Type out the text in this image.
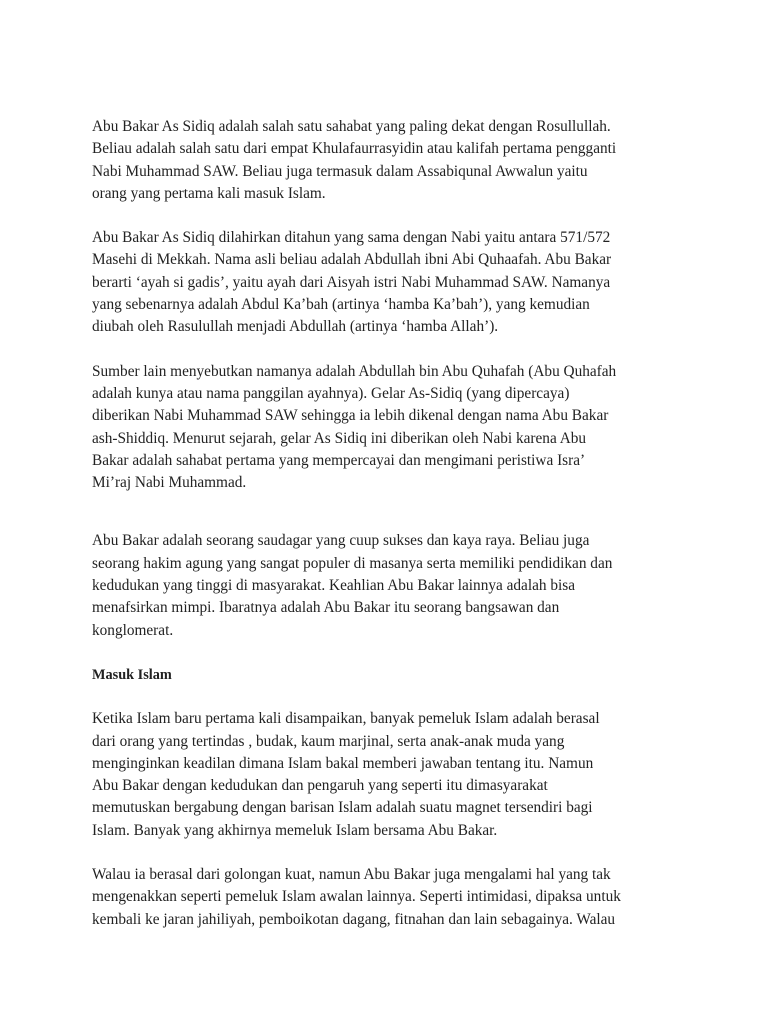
Abu Bakar As Sidiq adalah salah satu sahabat yang paling dekat dengan Rosullullah.
Beliau adalah salah satu dari empat Khulafaurrasyidin atau kalifah pertama pengganti
Nabi Muhammad SAW. Beliau juga termasuk dalam Assabiqunal Awwalun yaitu
orang yang pertama kali masuk Islam.

Abu Bakar As Sidiq dilahirkan ditahun yang sama dengan Nabi yaitu antara 571/572
Masehi di Mekkah. Nama asli beliau adalah Abdullah ibni Abi Quhaafah. Abu Bakar
berarti ‘ayah si gadis’, yaitu ayah dari Aisyah istri Nabi Muhammad SAW. Namanya
yang sebenarnya adalah Abdul Ka’bah (artinya ‘hamba Ka’bah’), yang kemudian
diubah oleh Rasulullah menjadi Abdullah (artinya ‘hamba Allah’).

Sumber lain menyebutkan namanya adalah Abdullah bin Abu Quhafah (Abu Quhafah
adalah kunya atau nama panggilan ayahnya). Gelar As-Sidiq (yang dipercaya)
diberikan Nabi Muhammad SAW sehingga ia lebih dikenal dengan nama Abu Bakar
ash-Shiddiq. Menurut sejarah, gelar As Sidiq ini diberikan oleh Nabi karena Abu
Bakar adalah sahabat pertama yang mempercayai dan mengimani peristiwa Isra’
Mi’raj Nabi Muhammad.

Abu Bakar adalah seorang saudagar yang cuup sukses dan kaya raya. Beliau juga
seorang hakim agung yang sangat populer di masanya serta memiliki pendidikan dan
kedudukan yang tinggi di masyarakat. Keahlian Abu Bakar lainnya adalah bisa
menafsirkan mimpi. Ibaratnya adalah Abu Bakar itu seorang bangsawan dan
konglomerat.

Masuk Islam

Ketika Islam baru pertama kali disampaikan, banyak pemeluk Islam adalah berasal
dari orang yang tertindas , budak, kaum marjinal, serta anak-anak muda yang
menginginkan keadilan dimana Islam bakal memberi jawaban tentang itu. Namun
Abu Bakar dengan kedudukan dan pengaruh yang seperti itu dimasyarakat
memutuskan bergabung dengan barisan Islam adalah suatu magnet tersendiri bagi
Islam. Banyak yang akhirnya memeluk Islam bersama Abu Bakar.

Walau ia berasal dari golongan kuat, namun Abu Bakar juga mengalami hal yang tak
mengenakkan seperti pemeluk Islam awalan lainnya. Seperti intimidasi, dipaksa untuk
kembali ke jaran jahiliyah, pemboikotan dagang, fitnahan dan lain sebagainya. Walau
